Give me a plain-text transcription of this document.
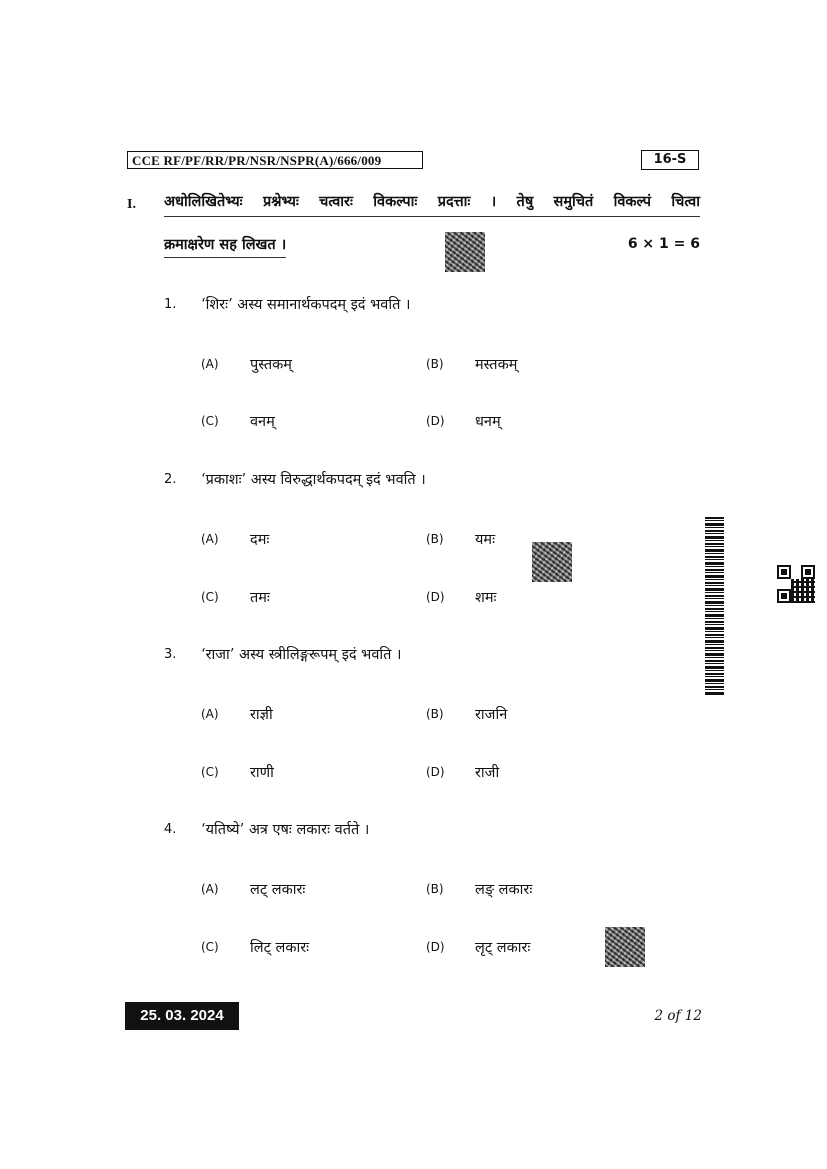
CCE RF/PF/RR/PR/NSR/NSPR(A)/666/009	16-S
I. अधोलिखितेभ्यः प्रश्नेभ्यः चत्वारः विकल्पाः प्रदत्ताः । तेषु समुचितं विकल्पं चित्वा
क्रमाक्षरेण सह लिखत ।	6 × 1 = 6
1. ‘शिरः’ अस्य समानार्थकपदम् इदं भवति ।
(A) पुस्तकम्	(B) मस्तकम्
(C) वनम्	(D) धनम्
2. ‘प्रकाशः’ अस्य विरुद्धार्थकपदम् इदं भवति ।
(A) दमः	(B) यमः
(C) तमः	(D) शमः
3. ‘राजा’ अस्य स्त्रीलिङ्गरूपम् इदं भवति ।
(A) राज्ञी	(B) राजनि
(C) राणी	(D) राजी
4. ‘यतिष्ये’ अत्र एषः लकारः वर्तते ।
(A) लट् लकारः	(B) लङ् लकारः
(C) लिट् लकारः	(D) लृट् लकारः
25. 03. 2024	2 of 12
